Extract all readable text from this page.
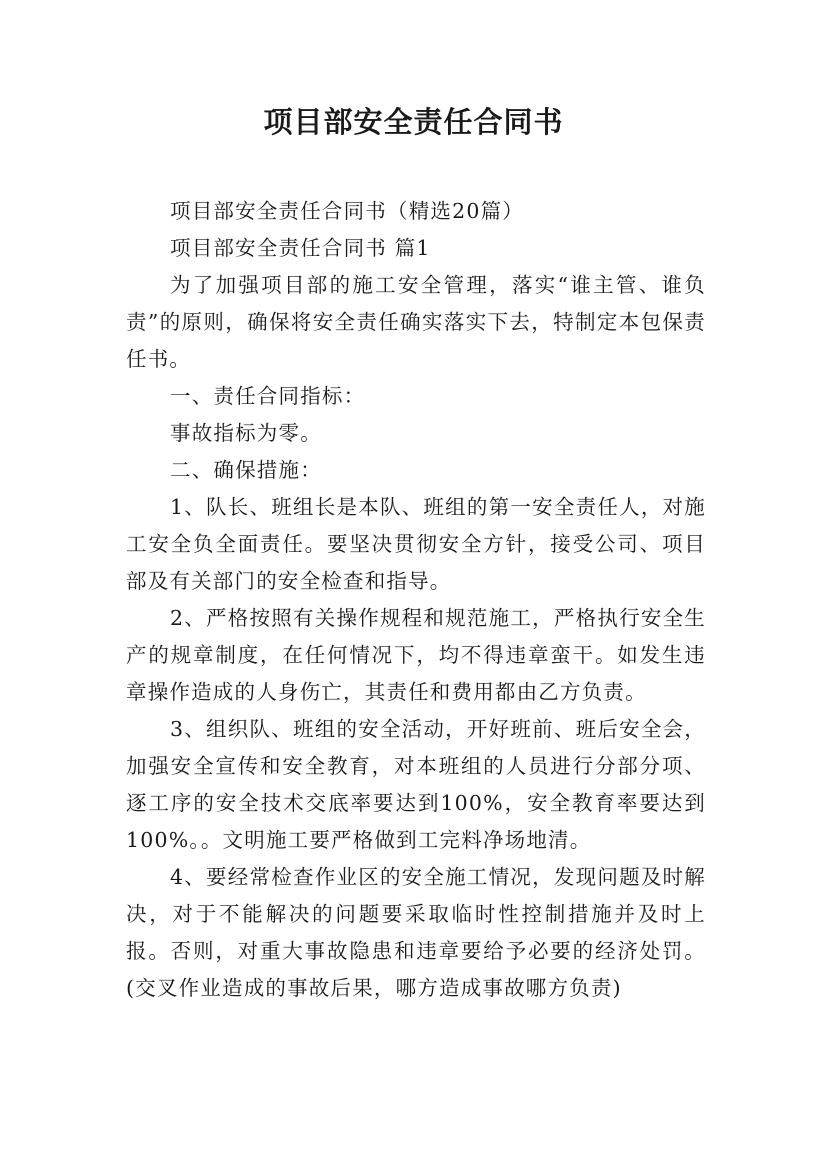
项目部安全责任合同书

项目部安全责任合同书（精选20篇）

项目部安全责任合同书 篇1

为了加强项目部的施工安全管理，落实“谁主管、谁负责”的原则，确保将安全责任确实落实下去，特制定本包保责任书。

一、责任合同指标：

事故指标为零。

二、确保措施：

1、队长、班组长是本队、班组的第一安全责任人，对施工安全负全面责任。要坚决贯彻安全方针，接受公司、项目部及有关部门的安全检查和指导。

2、严格按照有关操作规程和规范施工，严格执行安全生产的规章制度，在任何情况下，均不得违章蛮干。如发生违章操作造成的人身伤亡，其责任和费用都由乙方负责。

3、组织队、班组的安全活动，开好班前、班后安全会，加强安全宣传和安全教育，对本班组的人员进行分部分项、逐工序的安全技术交底率要达到100%，安全教育率要达到100%。。文明施工要严格做到工完料净场地清。

4、要经常检查作业区的安全施工情况，发现问题及时解决，对于不能解决的问题要采取临时性控制措施并及时上报。否则，对重大事故隐患和违章要给予必要的经济处罚。(交叉作业造成的事故后果，哪方造成事故哪方负责)
